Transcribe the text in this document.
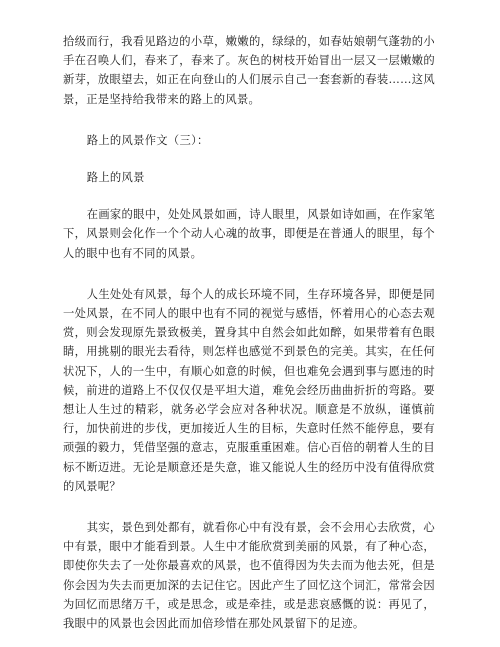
拾级而行，我看见路边的小草，嫩嫩的，绿绿的，如春姑娘朝气蓬勃的小手在召唤人们，春来了，春来了。灰色的树枝开始冒出一层又一层嫩嫩的新芽，放眼望去，如正在向登山的人们展示自己一套套新的春装……这风景，正是坚持给我带来的路上的风景。

路上的风景作文（三）：

路上的风景

在画家的眼中，处处风景如画，诗人眼里，风景如诗如画，在作家笔下，风景则会化作一个个动人心魂的故事，即便是在普通人的眼里，每个人的眼中也有不同的风景。

人生处处有风景，每个人的成长环境不同，生存环境各异，即便是同一处风景，在不同人的眼中也有不同的视觉与感悟，怀着用心的心态去观赏，则会发现原先景致极美，置身其中自然会如此如醉，如果带着有色眼睛，用挑剔的眼光去看待，则怎样也感觉不到景色的完美。其实，在任何状况下，人的一生中，有顺心如意的时候，但也难免会遇到事与愿违的时候，前进的道路上不仅仅仅是平坦大道，难免会经历曲曲折折的弯路。要想让人生过的精彩，就务必学会应对各种状况。顺意是不放纵，谨慎前行，加快前进的步伐，更加接近人生的目标，失意时任然不能停息，要有顽强的毅力，凭借坚强的意志，克服重重困难。信心百倍的朝着人生的目标不断迈进。无论是顺意还是失意，谁又能说人生的经历中没有值得欣赏的风景呢？

其实，景色到处都有，就看你心中有没有景，会不会用心去欣赏，心中有景，眼中才能看到景。人生中才能欣赏到美丽的风景，有了种心态，即使你失去了一处你最喜欢的风景，也不值得因为失去而为他去死，但是你会因为失去而更加深的去记住它。因此产生了回忆这个词汇，常常会因为回忆而思绪万千，或是思念，或是牵挂，或是悲哀感慨的说：再见了，我眼中的风景也会因此而加倍珍惜在那处风景留下的足迹。
